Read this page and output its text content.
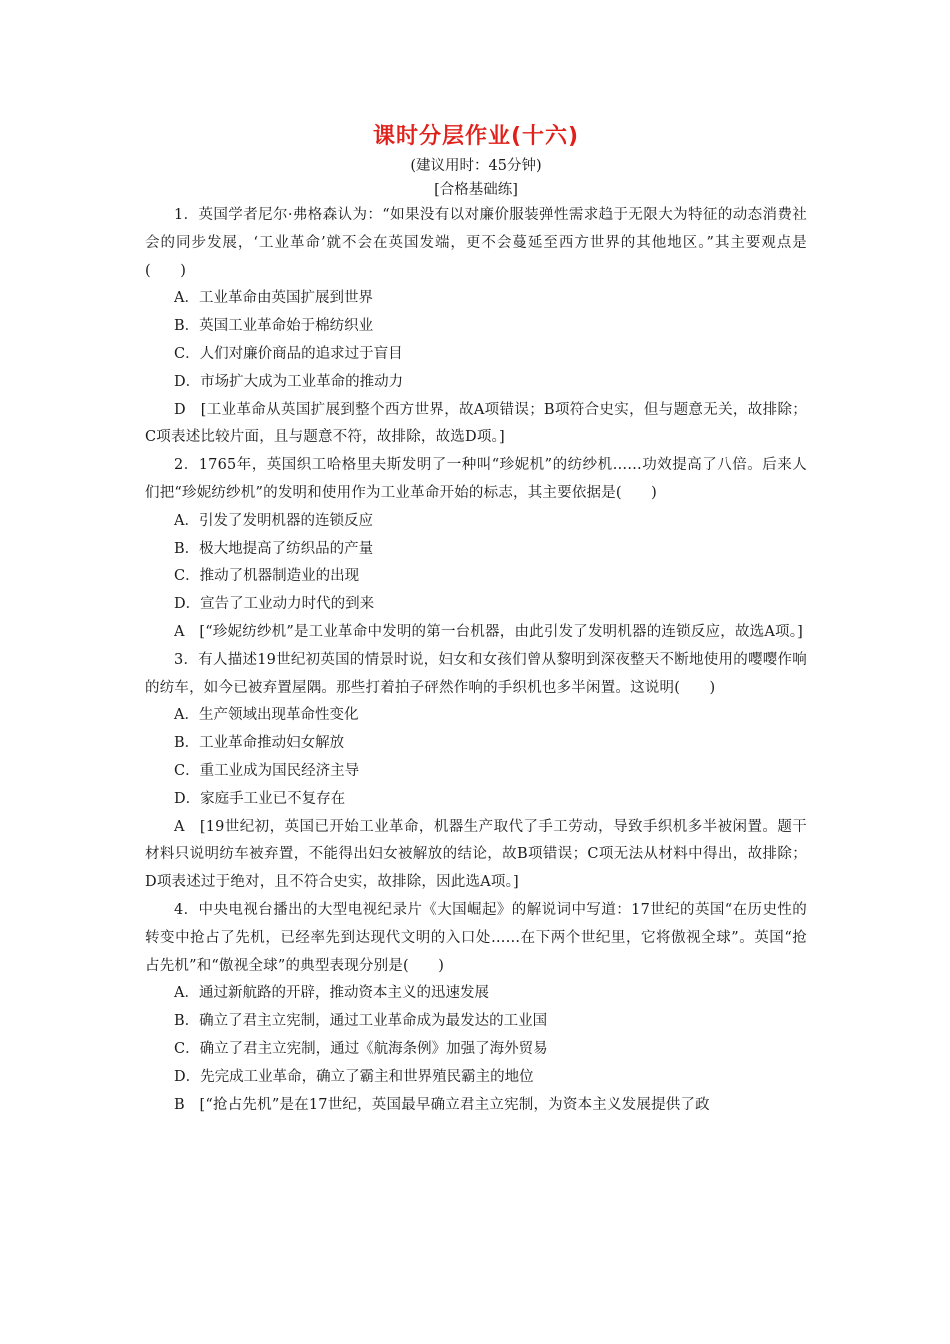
课时分层作业(十六)
(建议用时：45分钟)
[合格基础练]

1．英国学者尼尔·弗格森认为：“如果没有以对廉价服装弹性需求趋于无限大为特征的动态消费社会的同步发展，‘工业革命’就不会在英国发端，更不会蔓延至西方世界的其他地区。”其主要观点是(　　)

A．工业革命由英国扩展到世界

B．英国工业革命始于棉纺织业

C．人们对廉价商品的追求过于盲目

D．市场扩大成为工业革命的推动力

D　[工业革命从英国扩展到整个西方世界，故A项错误；B项符合史实，但与题意无关，故排除；C项表述比较片面，且与题意不符，故排除，故选D项。]

2．1765年，英国织工哈格里夫斯发明了一种叫“珍妮机”的纺纱机……功效提高了八倍。后来人们把“珍妮纺纱机”的发明和使用作为工业革命开始的标志，其主要依据是(　　)

A．引发了发明机器的连锁反应

B．极大地提高了纺织品的产量

C．推动了机器制造业的出现

D．宣告了工业动力时代的到来

A　[“珍妮纺纱机”是工业革命中发明的第一台机器，由此引发了发明机器的连锁反应，故选A项。]

3．有人描述19世纪初英国的情景时说，妇女和女孩们曾从黎明到深夜整天不断地使用的嘤嘤作响的纺车，如今已被弃置屋隅。那些打着拍子砰然作响的手织机也多半闲置。这说明(　　)

A．生产领域出现革命性变化

B．工业革命推动妇女解放

C．重工业成为国民经济主导

D．家庭手工业已不复存在

A　[19世纪初，英国已开始工业革命，机器生产取代了手工劳动，导致手织机多半被闲置。题干材料只说明纺车被弃置，不能得出妇女被解放的结论，故B项错误；C项无法从材料中得出，故排除；D项表述过于绝对，且不符合史实，故排除，因此选A项。]

4．中央电视台播出的大型电视纪录片《大国崛起》的解说词中写道：17世纪的英国“在历史性的转变中抢占了先机，已经率先到达现代文明的入口处……在下两个世纪里，它将傲视全球”。英国“抢占先机”和“傲视全球”的典型表现分别是(　　)

A．通过新航路的开辟，推动资本主义的迅速发展

B．确立了君主立宪制，通过工业革命成为最发达的工业国

C．确立了君主立宪制，通过《航海条例》加强了海外贸易

D．先完成工业革命，确立了霸主和世界殖民霸主的地位

B　[“抢占先机”是在17世纪，英国最早确立君主立宪制，为资本主义发展提供了政
